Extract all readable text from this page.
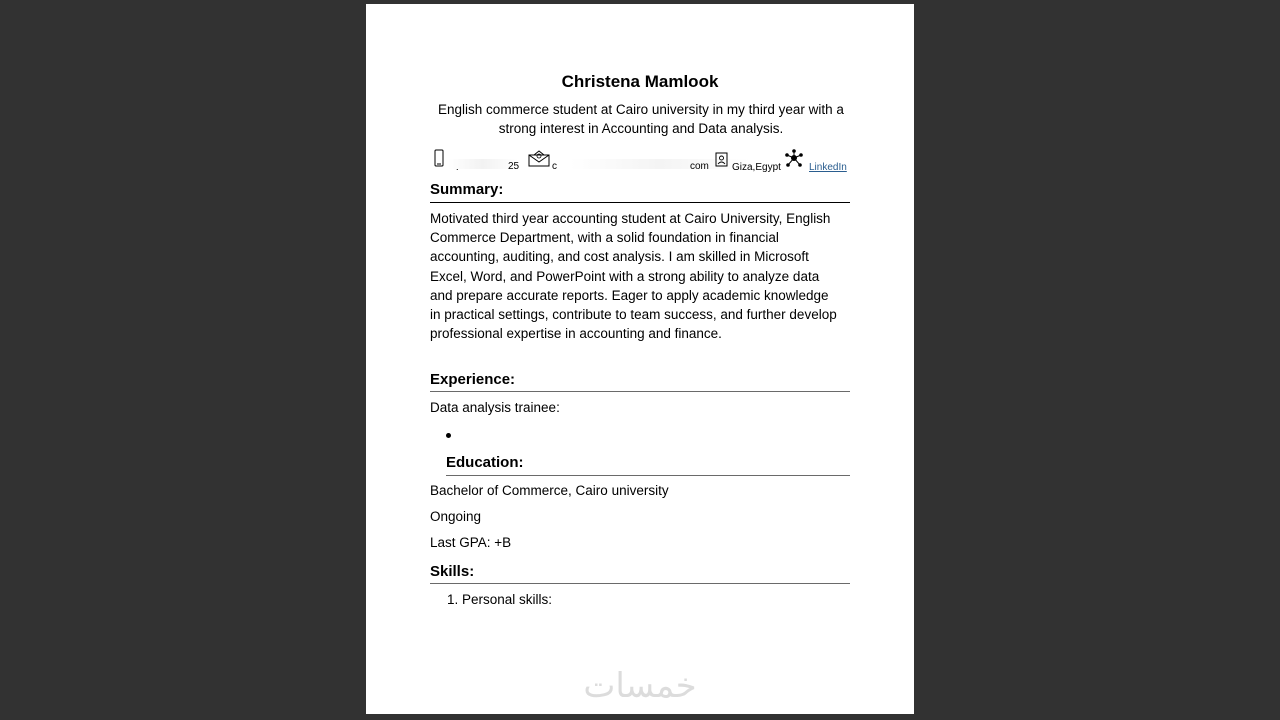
Christena Mamlook
English commerce student at Cairo university in my third year with a strong interest in Accounting and Data analysis.
25	c	com Giza,Egypt	LinkedIn
Summary:
Motivated third year accounting student at Cairo University, English Commerce Department, with a solid foundation in financial accounting, auditing, and cost analysis. I am skilled in Microsoft Excel, Word, and PowerPoint with a strong ability to analyze data and prepare accurate reports. Eager to apply academic knowledge in practical settings, contribute to team success, and further develop professional expertise in accounting and finance.
Experience:
Data analysis trainee:
Education:
Bachelor of Commerce, Cairo university
Ongoing
Last GPA: +B
Skills:
1. Personal skills:
خمسات
